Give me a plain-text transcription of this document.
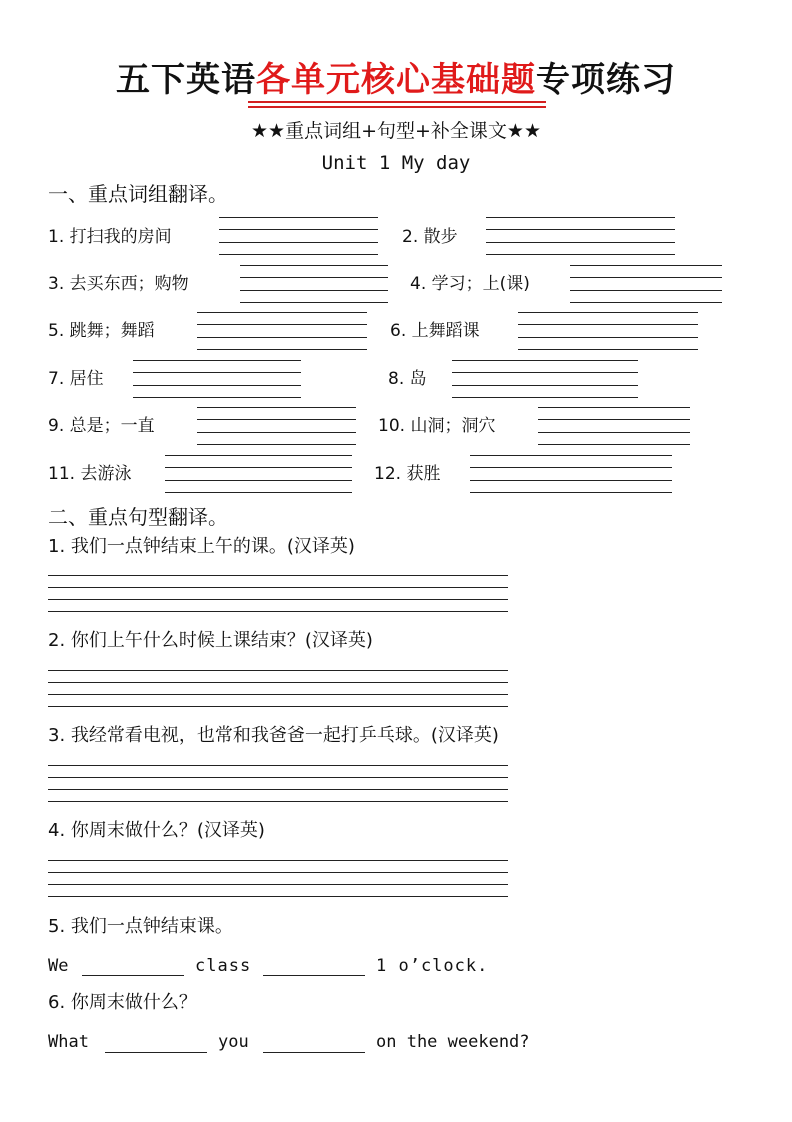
五下英语各单元核心基础题专项练习
★★重点词组+句型+补全课文★★
Unit 1 My day
一、重点词组翻译。
1. 打扫我的房间	2. 散步
3. 去买东西；购物	4. 学习；上(课)
5. 跳舞；舞蹈	6. 上舞蹈课
7. 居住	8. 岛
9. 总是；一直	10. 山洞；洞穴
11. 去游泳	12. 获胜
二、重点句型翻译。
1. 我们一点钟结束上午的课。(汉译英)
2. 你们上午什么时候上课结束？(汉译英)
3. 我经常看电视，也常和我爸爸一起打乒乓球。(汉译英)
4. 你周末做什么？(汉译英)
5. 我们一点钟结束课。
We	class	1 o’clock.
6. 你周末做什么？
What	you	on the weekend?
